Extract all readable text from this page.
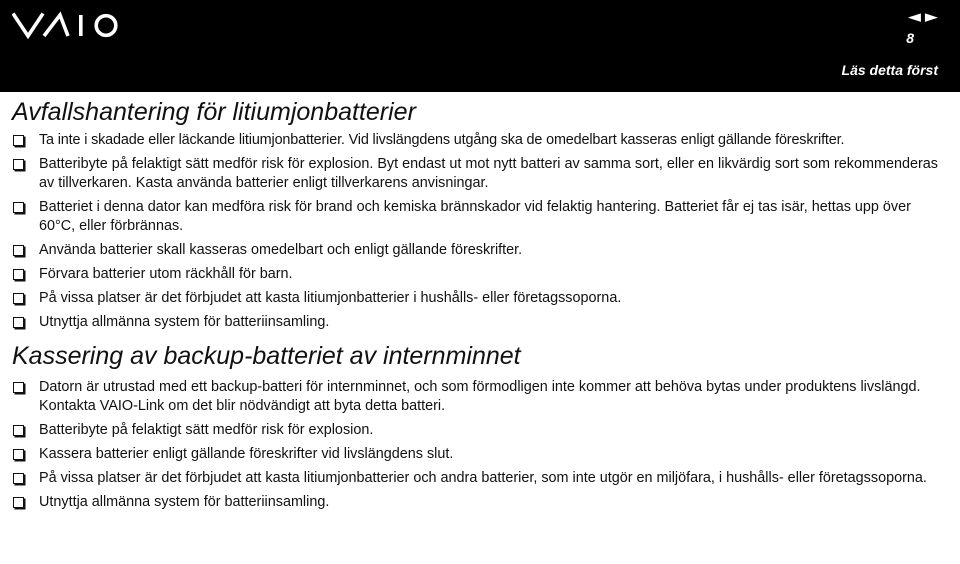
◄ ►
8
Läs detta först
Avfallshantering för litiumjonbatterier
Ta inte i skadade eller läckande litiumjonbatterier. Vid livslängdens utgång ska de omedelbart kasseras enligt gällande föreskrifter.
Batteribyte på felaktigt sätt medför risk för explosion. Byt endast ut mot nytt batteri av samma sort, eller en likvärdig sort som rekommenderas av tillverkaren. Kasta använda batterier enligt tillverkarens anvisningar.
Batteriet i denna dator kan medföra risk för brand och kemiska brännskador vid felaktig hantering. Batteriet får ej tas isär, hettas upp över 60°C, eller förbrännas.
Använda batterier skall kasseras omedelbart och enligt gällande föreskrifter.
Förvara batterier utom räckhåll för barn.
På vissa platser är det förbjudet att kasta litiumjonbatterier i hushålls- eller företagssoporna.
Utnyttja allmänna system för batteriinsamling.
Kassering av backup-batteriet av internminnet
Datorn är utrustad med ett backup-batteri för internminnet, och som förmodligen inte kommer att behöva bytas under produktens livslängd. Kontakta VAIO-Link om det blir nödvändigt att byta detta batteri.
Batteribyte på felaktigt sätt medför risk för explosion.
Kassera batterier enligt gällande föreskrifter vid livslängdens slut.
På vissa platser är det förbjudet att kasta litiumjonbatterier och andra batterier, som inte utgör en miljöfara, i hushålls- eller företagssoporna.
Utnyttja allmänna system för batteriinsamling.
